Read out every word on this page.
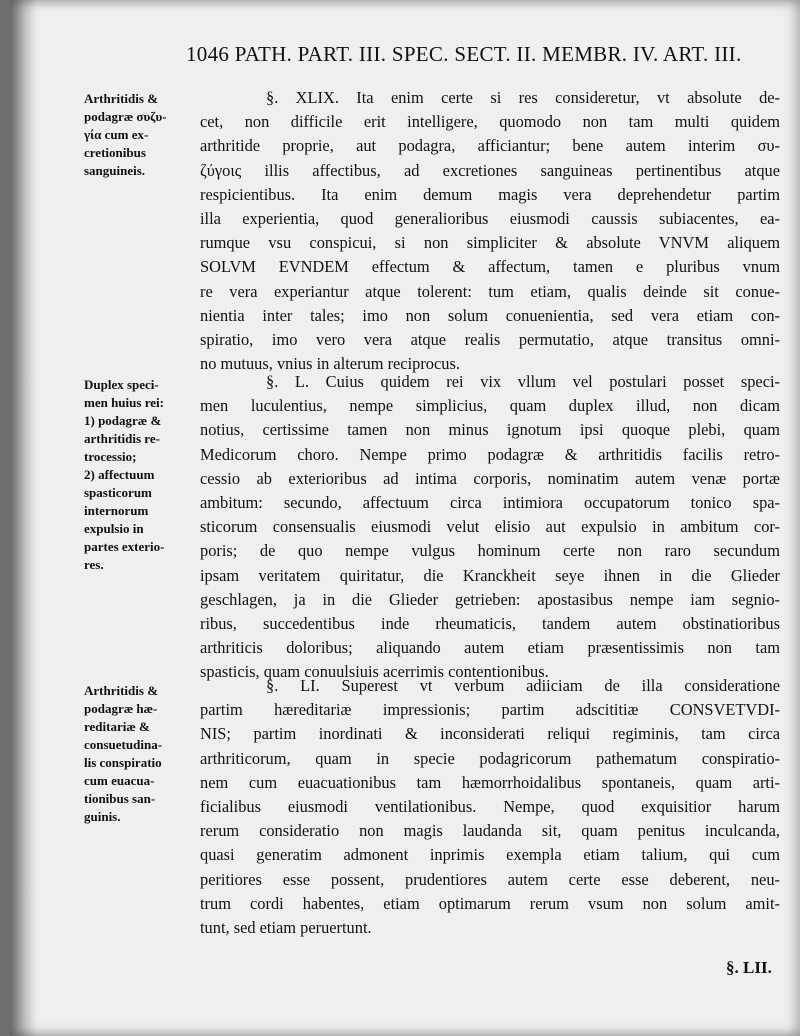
1046 PATH. PART. III. SPEC. SECT. II. MEMBR. IV. ART. III.
Arthritidis &
podagræ συζυ-
γία cum ex-
cretionibus
sanguineis.
Duplex speci-
men huius rei:
1) podagræ &
arthritidis re-
trocessio;
2) affectuum
spasticorum
internorum
expulsio in
partes exterio-
res.
Arthritidis &
podagræ hæ-
reditariæ &
consuetudina-
lis conspiratio
cum euacua-
tionibus san-
guinis.
§. XLIX. Ita enim certe si res consideretur, vt absolute de-
cet, non difficile erit intelligere, quomodo non tam multi quidem
arthritide proprie, aut podagra, afficiantur; bene autem interim συ-
ζύγοις illis affectibus, ad excretiones sanguineas pertinentibus atque
respicientibus. Ita enim demum magis vera deprehendetur partim
illa experientia, quod generalioribus eiusmodi caussis subiacentes, ea-
rumque vsu conspicui, si non simpliciter & absolute VNVM aliquem
SOLVM EVNDEM effectum & affectum, tamen e pluribus vnum
re vera experiantur atque tolerent: tum etiam, qualis deinde sit conue-
nientia inter tales; imo non solum conuenientia, sed vera etiam con-
spiratio, imo vero vera atque realis permutatio, atque transitus omni-
no mutuus, vnius in alterum reciprocus.
§. L. Cuius quidem rei vix vllum vel postulari posset speci-
men luculentius, nempe simplicius, quam duplex illud, non dicam
notius, certissime tamen non minus ignotum ipsi quoque plebi, quam
Medicorum choro. Nempe primo podagræ & arthritidis facilis retro-
cessio ab exterioribus ad intima corporis, nominatim autem venæ portæ
ambitum: secundo, affectuum circa intimiora occupatorum tonico spa-
sticorum consensualis eiusmodi velut elisio aut expulsio in ambitum cor-
poris; de quo nempe vulgus hominum certe non raro secundum
ipsam veritatem quiritatur, die Kranckheit seye ihnen in die Glieder
geschlagen, ja in die Glieder getrieben: apostasibus nempe iam segnio-
ribus, succedentibus inde rheumaticis, tandem autem obstinatioribus
arthriticis doloribus; aliquando autem etiam præsentissimis non tam
spasticis, quam conuulsiuis acerrimis contentionibus.
§. LI. Superest vt verbum adiiciam de illa consideratione
partim hæreditariæ impressionis; partim adscititiæ CONSVETVDI-
NIS; partim inordinati & inconsiderati reliqui regiminis, tam circa
arthriticorum, quam in specie podagricorum pathematum conspiratio-
nem cum euacuationibus tam hæmorrhoidalibus spontaneis, quam arti-
ficialibus eiusmodi ventilationibus. Nempe, quod exquisitior harum
rerum consideratio non magis laudanda sit, quam penitus inculcanda,
quasi generatim admonent inprimis exempla etiam talium, qui cum
peritiores esse possent, prudentiores autem certe esse deberent, neu-
trum cordi habentes, etiam optimarum rerum vsum non solum amit-
tunt, sed etiam peruertunt.
§. LII.
